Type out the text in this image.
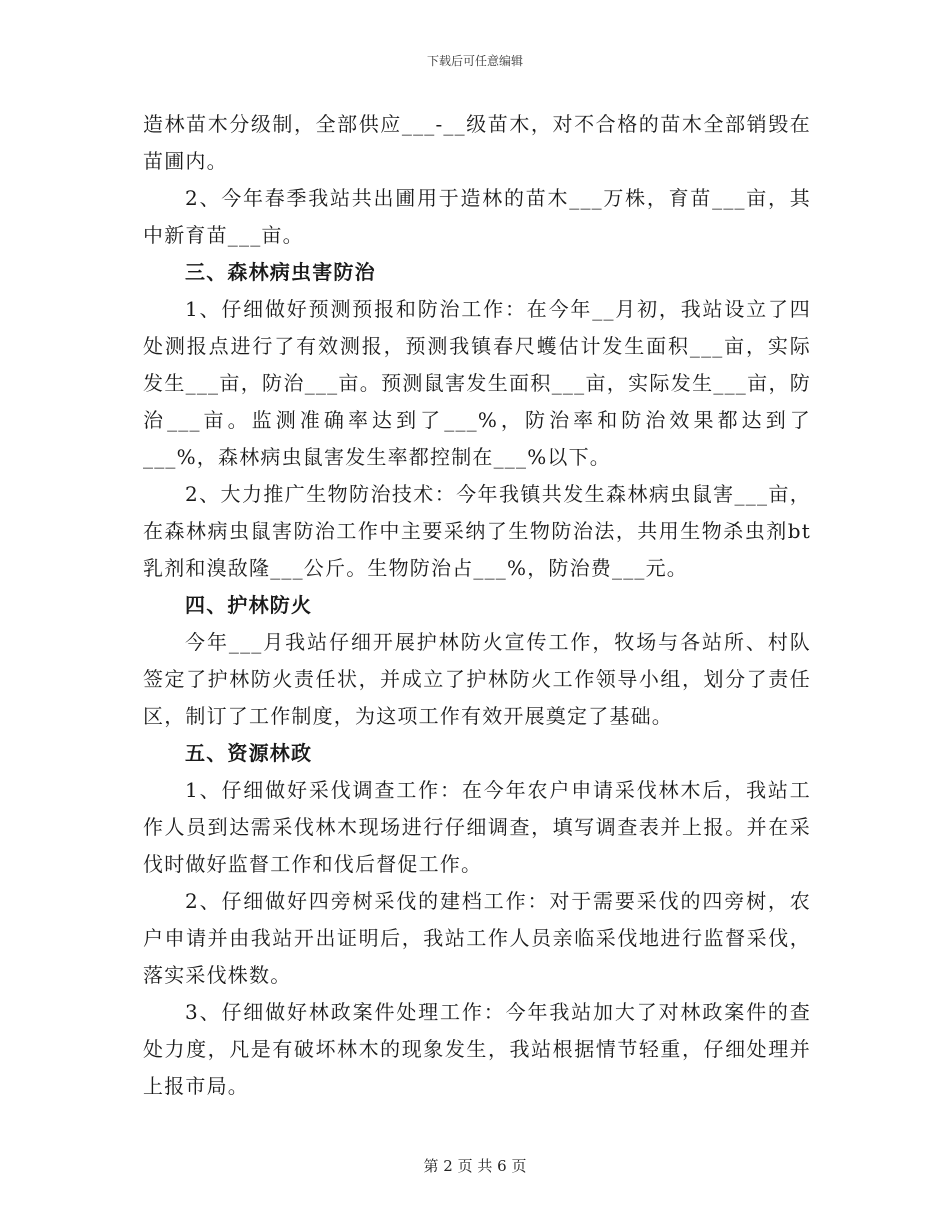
下载后可任意编辑

造林苗木分级制，全部供应___-__级苗木，对不合格的苗木全部销毁在苗圃内。

2、今年春季我站共出圃用于造林的苗木___万株，育苗___亩，其中新育苗___亩。

三、森林病虫害防治

1、仔细做好预测预报和防治工作：在今年__月初，我站设立了四处测报点进行了有效测报，预测我镇春尺蠖估计发生面积___亩，实际发生___亩，防治___亩。预测鼠害发生面积___亩，实际发生___亩，防治___亩。监测准确率达到了___%，防治率和防治效果都达到了___%，森林病虫鼠害发生率都控制在___%以下。

2、大力推广生物防治技术：今年我镇共发生森林病虫鼠害___亩，在森林病虫鼠害防治工作中主要采纳了生物防治法，共用生物杀虫剂bt乳剂和溴敌隆___公斤。生物防治占___%，防治费___元。

四、护林防火

今年___月我站仔细开展护林防火宣传工作，牧场与各站所、村队签定了护林防火责任状，并成立了护林防火工作领导小组，划分了责任区，制订了工作制度，为这项工作有效开展奠定了基础。

五、资源林政

1、仔细做好采伐调查工作：在今年农户申请采伐林木后，我站工作人员到达需采伐林木现场进行仔细调查，填写调查表并上报。并在采伐时做好监督工作和伐后督促工作。

2、仔细做好四旁树采伐的建档工作：对于需要采伐的四旁树，农户申请并由我站开出证明后，我站工作人员亲临采伐地进行监督采伐，落实采伐株数。

3、仔细做好林政案件处理工作：今年我站加大了对林政案件的查处力度，凡是有破坏林木的现象发生，我站根据情节轻重，仔细处理并上报市局。

第 2 页 共 6 页
